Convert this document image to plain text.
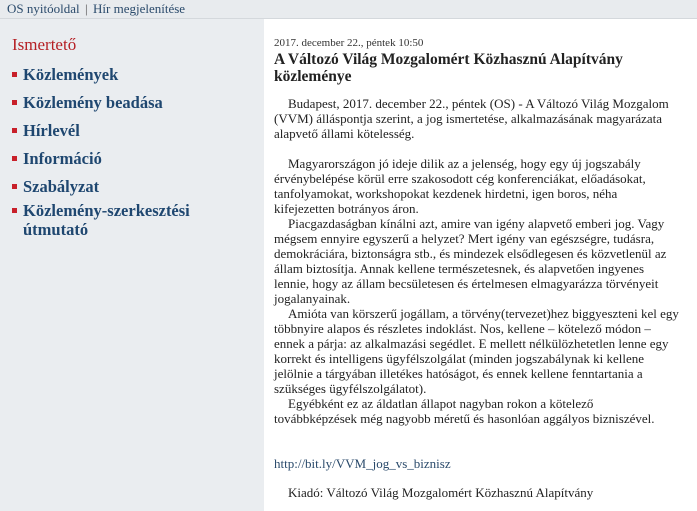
OS nyitóoldal | Hír megjelenítése
Ismertető
Közlemények
Közlemény beadása
Hírlevél
Információ
Szabályzat
Közlemény-szerkesztési útmutató
2017. december 22., péntek 10:50
A Változó Világ Mozgalomért Közhasznú Alapítvány közleménye

Budapest, 2017. december 22., péntek (OS) - A Változó Világ Mozgalom (VVM) álláspontja szerint, a jog ismertetése, alkalmazásának magyarázata alapvető állami kötelesség.

Magyarországon jó ideje dilik az a jelenség, hogy egy új jogszabály érvénybelépése körül erre szakosodott cég konferenciákat, előadásokat, tanfolyamokat, workshopokat kezdenek hirdetni, igen boros, néha kifejezetten botrányos áron.

Piacgazdaságban kínálni azt, amire van igény alapvető emberi jog. Vagy mégsem ennyire egyszerű a helyzet? Mert igény van egészségre, tudásra, demokráciára, biztonságra stb., és mindezek elsődlegesen és közvetlenül az állam biztosítja. Annak kellene természetesnek, és alapvetően ingyenes lennie, hogy az állam becsületesen és értelmesen elmagyarázza törvényeit jogalanyainak.

Amióta van körszerű jogállam, a törvény(tervezet)hez biggyeszteni kel egy többnyire alapos és részletes indoklást. Nos, kellene – kötelező módon – ennek a párja: az alkalmazási segédlet. E mellett nélkülözhetetlen lenne egy korrekt és intelligens ügyfélszolgálat (minden jogszabálynak ki kellene jelölnie a tárgyában illetékes hatóságot, és ennek kellene fenntartania a szükséges ügyfélszolgálatot).

Egyébként ez az áldatlan állapot nagyban rokon a kötelező továbbképzések még nagyobb méretű és hasonlóan aggályos bizniszével.

http://bit.ly/VVM_jog_vs_biznisz
Kiadó: Változó Világ Mozgalomért Közhasznú Alapítvány
